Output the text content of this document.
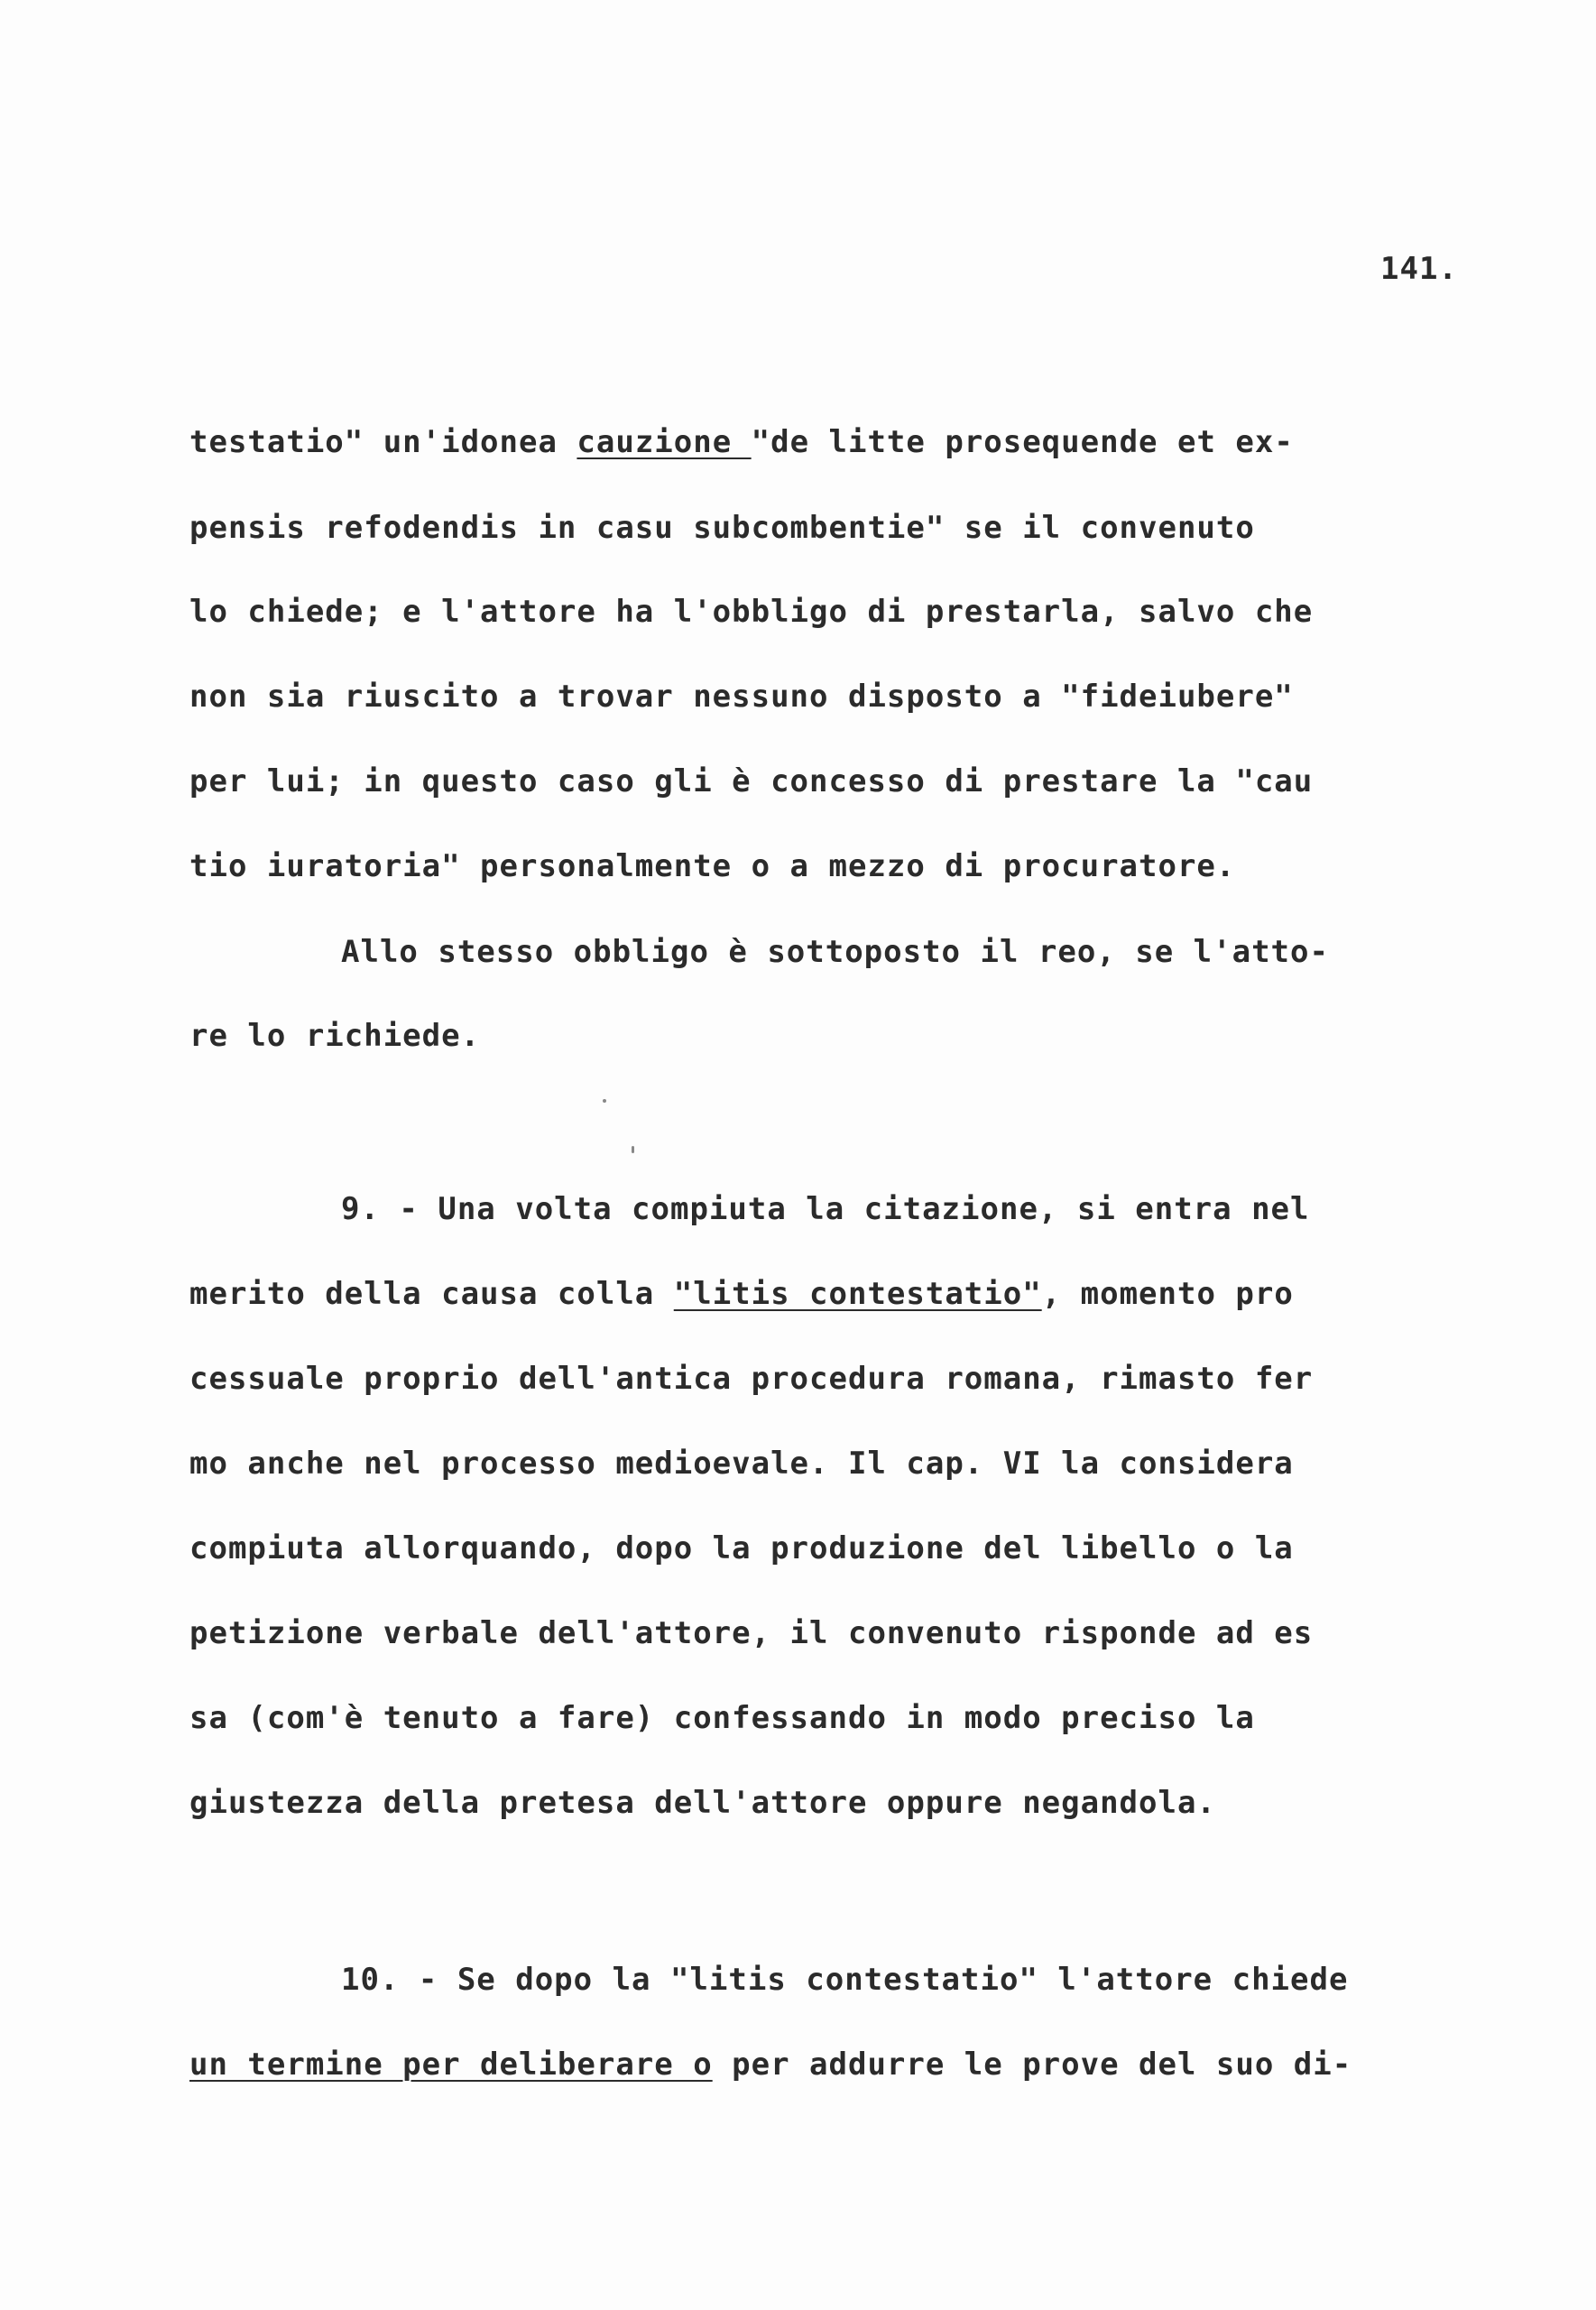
141.
testatio" un'idonea cauzione "de litte prosequende et ex-
pensis refodendis in casu subcombentie" se il convenuto
lo chiede; e l'attore ha l'obbligo di prestarla, salvo che
non sia riuscito a trovar nessuno disposto a "fideiubere"
per lui; in questo caso gli è concesso di prestare la "cau
tio iuratoria" personalmente o a mezzo di procuratore.
Allo stesso obbligo è sottoposto il reo, se l'atto-
re lo richiede.
9. - Una volta compiuta la citazione, si entra nel
merito della causa colla "litis contestatio", momento pro
cessuale proprio dell'antica procedura romana, rimasto fer
mo anche nel processo medioevale. Il cap. VI la considera
compiuta allorquando, dopo la produzione del libello o la
petizione verbale dell'attore, il convenuto risponde ad es
sa (com'è tenuto a fare) confessando in modo preciso la
giustezza della pretesa dell'attore oppure negandola.
10. - Se dopo la "litis contestatio" l'attore chiede
un termine per deliberare o per addurre le prove del suo di-
